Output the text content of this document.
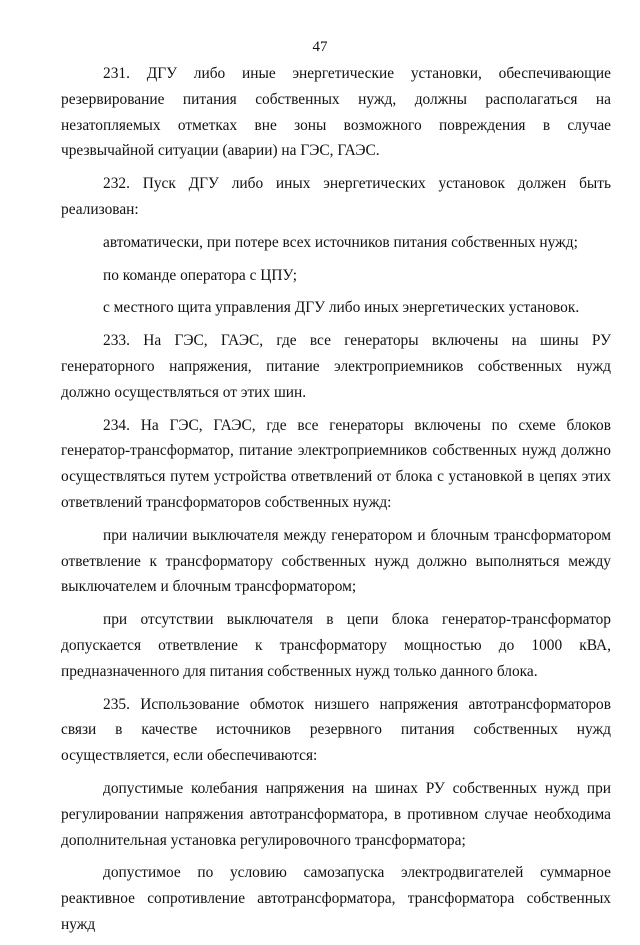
47

231. ДГУ либо иные энергетические установки, обеспечивающие резервирование питания собственных нужд, должны располагаться на незатопляемых отметках вне зоны возможного повреждения в случае чрезвычайной ситуации (аварии) на ГЭС, ГАЭС.

232. Пуск ДГУ либо иных энергетических установок должен быть реализован:

автоматически, при потере всех источников питания собственных нужд;

по команде оператора с ЦПУ;

с местного щита управления ДГУ либо иных энергетических установок.

233. На ГЭС, ГАЭС, где все генераторы включены на шины РУ генераторного напряжения, питание электроприемников собственных нужд должно осуществляться от этих шин.

234. На ГЭС, ГАЭС, где все генераторы включены по схеме блоков генератор-трансформатор, питание электроприемников собственных нужд должно осуществляться путем устройства ответвлений от блока с установкой в цепях этих ответвлений трансформаторов собственных нужд:

при наличии выключателя между генератором и блочным трансформатором ответвление к трансформатору собственных нужд должно выполняться между выключателем и блочным трансформатором;

при отсутствии выключателя в цепи блока генератор-трансформатор допускается ответвление к трансформатору мощностью до 1000 кВА, предназначенного для питания собственных нужд только данного блока.

235. Использование обмоток низшего напряжения автотрансформаторов связи в качестве источников резервного питания собственных нужд осуществляется, если обеспечиваются:

допустимые колебания напряжения на шинах РУ собственных нужд при регулировании напряжения автотрансформатора, в противном случае необходима дополнительная установка регулировочного трансформатора;

допустимое по условию самозапуска электродвигателей суммарное реактивное сопротивление автотрансформатора, трансформатора собственных нужд
